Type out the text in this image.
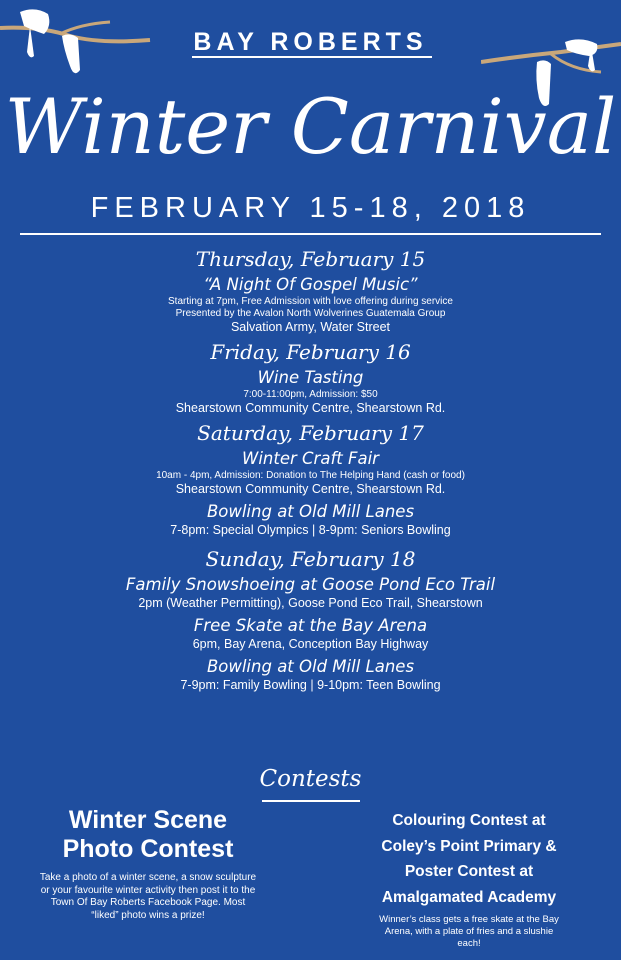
BAY ROBERTS
Winter Carnival
FEBRUARY 15-18, 2018
Thursday, February 15
“A Night Of Gospel Music”
Starting at 7pm, Free Admission with love offering during service
Presented by the Avalon North Wolverines Guatemala Group
Salvation Army, Water Street
Friday, February 16
Wine Tasting
7:00-11:00pm, Admission: $50
Shearstown Community Centre, Shearstown Rd.
Saturday, February 17
Winter Craft Fair
10am - 4pm, Admission: Donation to The Helping Hand (cash or food)
Shearstown Community Centre, Shearstown Rd.
Bowling at Old Mill Lanes
7-8pm: Special Olympics | 8-9pm: Seniors Bowling
Sunday, February 18
Family Snowshoeing at Goose Pond Eco Trail
2pm (Weather Permitting), Goose Pond Eco Trail, Shearstown
Free Skate at the Bay Arena
6pm, Bay Arena, Conception Bay Highway
Bowling at Old Mill Lanes
7-9pm: Family Bowling | 9-10pm: Teen Bowling
Contests
Winter Scene
Photo Contest
Take a photo of a winter scene, a snow sculpture or your favourite winter activity then post it to the Town Of Bay Roberts Facebook Page. Most “liked” photo wins a prize!
Colouring Contest at
Coley’s Point Primary &
Poster Contest at
Amalgamated Academy
Winner’s class gets a free skate at the Bay Arena, with a plate of fries and a slushie each!
